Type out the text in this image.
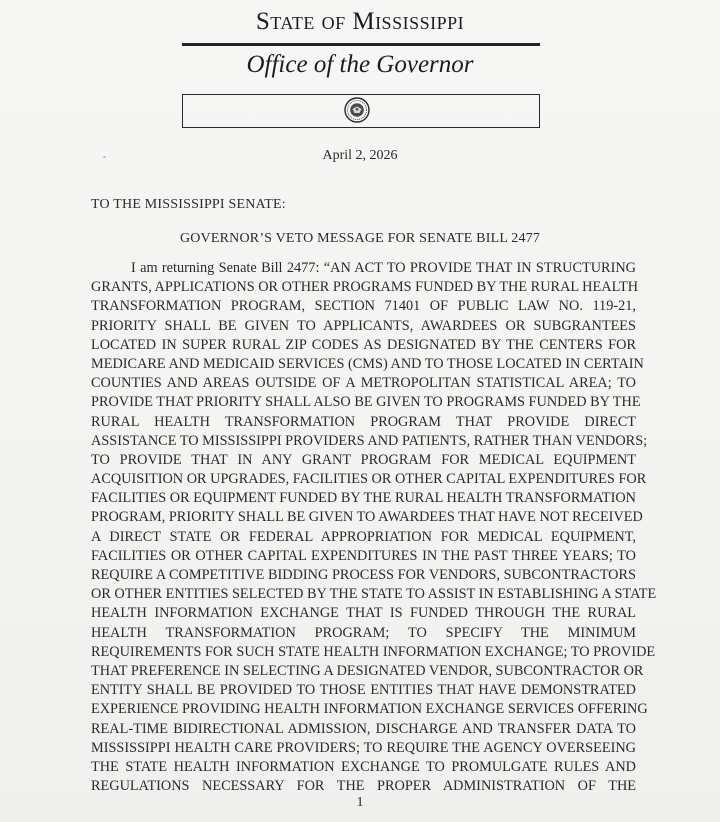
State of Mississippi
Office of the Governor
April 2, 2026
TO THE MISSISSIPPI SENATE:
GOVERNOR’S VETO MESSAGE FOR SENATE BILL 2477
I am returning Senate Bill 2477: “AN ACT TO PROVIDE THAT IN STRUCTURING
GRANTS, APPLICATIONS OR OTHER PROGRAMS FUNDED BY THE RURAL HEALTH
TRANSFORMATION PROGRAM, SECTION 71401 OF PUBLIC LAW NO. 119-21,
PRIORITY SHALL BE GIVEN TO APPLICANTS, AWARDEES OR SUBGRANTEES
LOCATED IN SUPER RURAL ZIP CODES AS DESIGNATED BY THE CENTERS FOR
MEDICARE AND MEDICAID SERVICES (CMS) AND TO THOSE LOCATED IN CERTAIN
COUNTIES AND AREAS OUTSIDE OF A METROPOLITAN STATISTICAL AREA; TO
PROVIDE THAT PRIORITY SHALL ALSO BE GIVEN TO PROGRAMS FUNDED BY THE
RURAL HEALTH TRANSFORMATION PROGRAM THAT PROVIDE DIRECT
ASSISTANCE TO MISSISSIPPI PROVIDERS AND PATIENTS, RATHER THAN VENDORS;
TO PROVIDE THAT IN ANY GRANT PROGRAM FOR MEDICAL EQUIPMENT
ACQUISITION OR UPGRADES, FACILITIES OR OTHER CAPITAL EXPENDITURES FOR
FACILITIES OR EQUIPMENT FUNDED BY THE RURAL HEALTH TRANSFORMATION
PROGRAM, PRIORITY SHALL BE GIVEN TO AWARDEES THAT HAVE NOT RECEIVED
A DIRECT STATE OR FEDERAL APPROPRIATION FOR MEDICAL EQUIPMENT,
FACILITIES OR OTHER CAPITAL EXPENDITURES IN THE PAST THREE YEARS; TO
REQUIRE A COMPETITIVE BIDDING PROCESS FOR VENDORS, SUBCONTRACTORS
OR OTHER ENTITIES SELECTED BY THE STATE TO ASSIST IN ESTABLISHING A STATE
HEALTH INFORMATION EXCHANGE THAT IS FUNDED THROUGH THE RURAL
HEALTH TRANSFORMATION PROGRAM; TO SPECIFY THE MINIMUM
REQUIREMENTS FOR SUCH STATE HEALTH INFORMATION EXCHANGE; TO PROVIDE
THAT PREFERENCE IN SELECTING A DESIGNATED VENDOR, SUBCONTRACTOR OR
ENTITY SHALL BE PROVIDED TO THOSE ENTITIES THAT HAVE DEMONSTRATED
EXPERIENCE PROVIDING HEALTH INFORMATION EXCHANGE SERVICES OFFERING
REAL-TIME BIDIRECTIONAL ADMISSION, DISCHARGE AND TRANSFER DATA TO
MISSISSIPPI HEALTH CARE PROVIDERS; TO REQUIRE THE AGENCY OVERSEEING
THE STATE HEALTH INFORMATION EXCHANGE TO PROMULGATE RULES AND
REGULATIONS NECESSARY FOR THE PROPER ADMINISTRATION OF THE
1
